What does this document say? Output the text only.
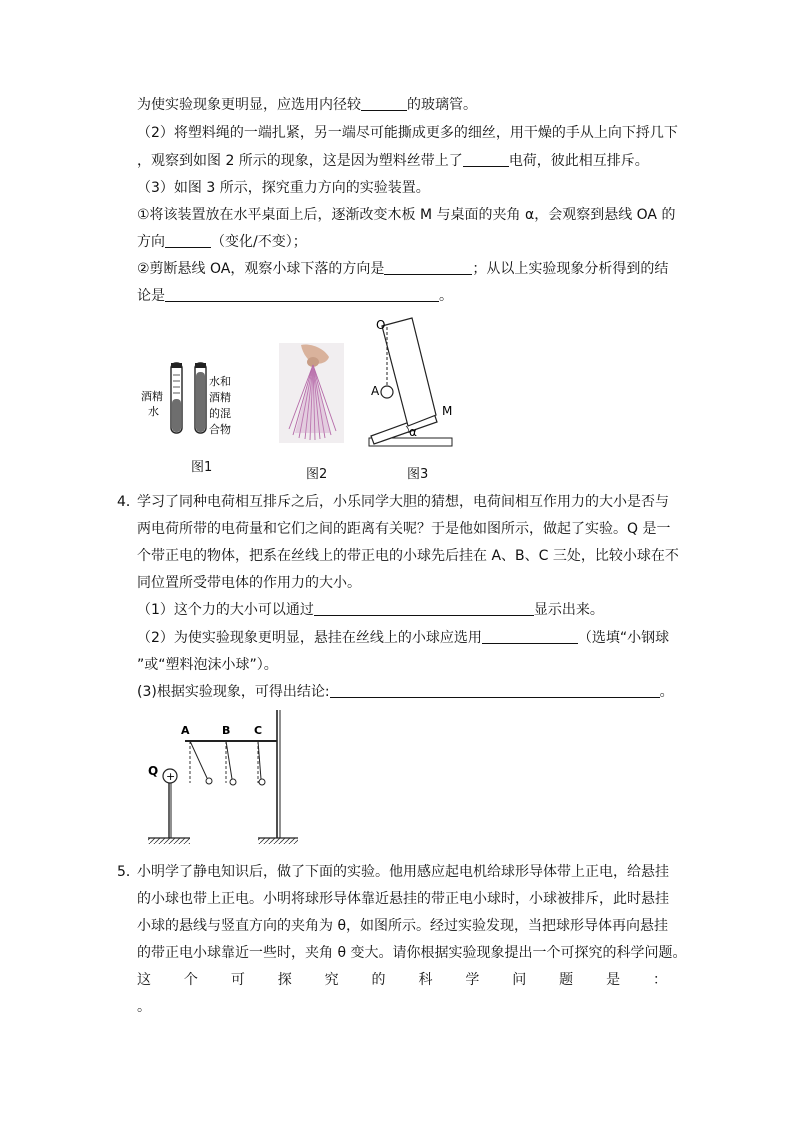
为使实验现象更明显，应选用内径较	的玻璃管。
（2）将塑料绳的一端扎紧，另一端尽可能撕成更多的细丝，用干燥的手从上向下捋几下
，观察到如图 2 所示的现象，这是因为塑料丝带上了	电荷，彼此相互排斥。
（3）如图 3 所示，探究重力方向的实验装置。
①将该装置放在水平桌面上后，逐渐改变木板 M 与桌面的夹角 α，会观察到悬线 OA 的
方向	（变化/不变）；
②剪断悬线 OA，观察小球下落的方向是	；从以上实验现象分析得到的结
论是	。
酒精
水
水和
酒精
的混
合物
图1	图2
O
A
M
α
图3
4．
学习了同种电荷相互排斥之后，小乐同学大胆的猜想，电荷间相互作用力的大小是否与
两电荷所带的电荷量和它们之间的距离有关呢？于是他如图所示，做起了实验。Q 是一
个带正电的物体，把系在丝线上的带正电的小球先后挂在 A、B、C 三处，比较小球在不
同位置所受带电体的作用力的大小。
（1）这个力的大小可以通过	显示出来。
（2）为使实验现象更明显，悬挂在丝线上的小球应选用	（选填“小钢球
”或“塑料泡沫小球”）。
(3)根据实验现象，可得出结论:	。
+
Q
A	B C
5．
小明学了静电知识后，做了下面的实验。他用感应起电机给球形导体带上正电，给悬挂
的小球也带上正电。小明将球形导体靠近悬挂的带正电小球时，小球被排斥，此时悬挂
小球的悬线与竖直方向的夹角为 θ，如图所示。经过实验发现，当把球形导体再向悬挂
的带正电小球靠近一些时，夹角 θ 变大。请你根据实验现象提出一个可探究的科学问题。
这 个 可 探 究 的 科 学 问 题 是 ：
。
